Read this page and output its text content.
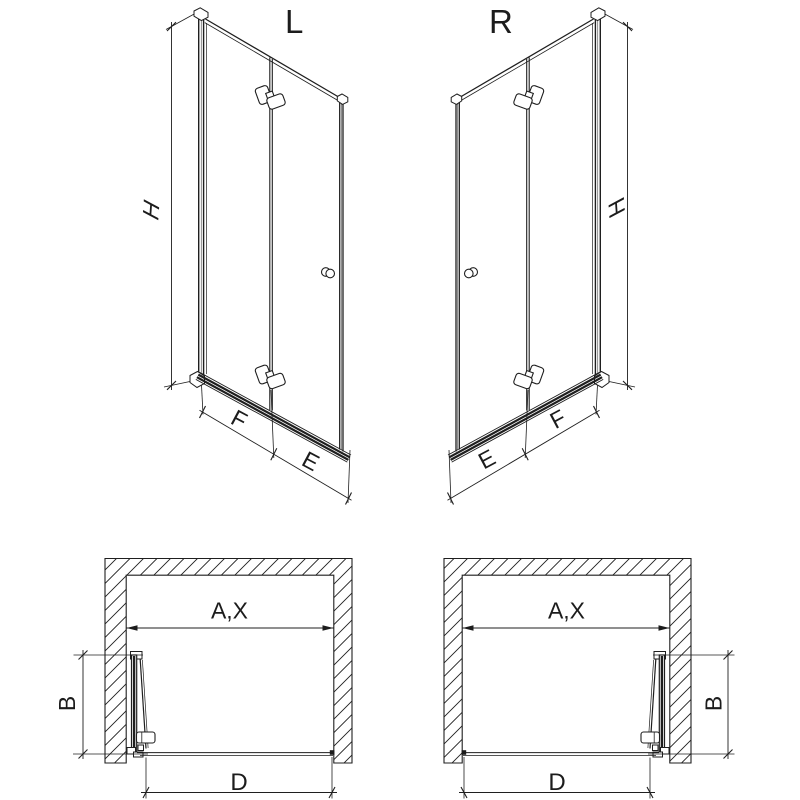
L	R
H	H
F
E
F
E
A,X	A,X
B	B
D	D
